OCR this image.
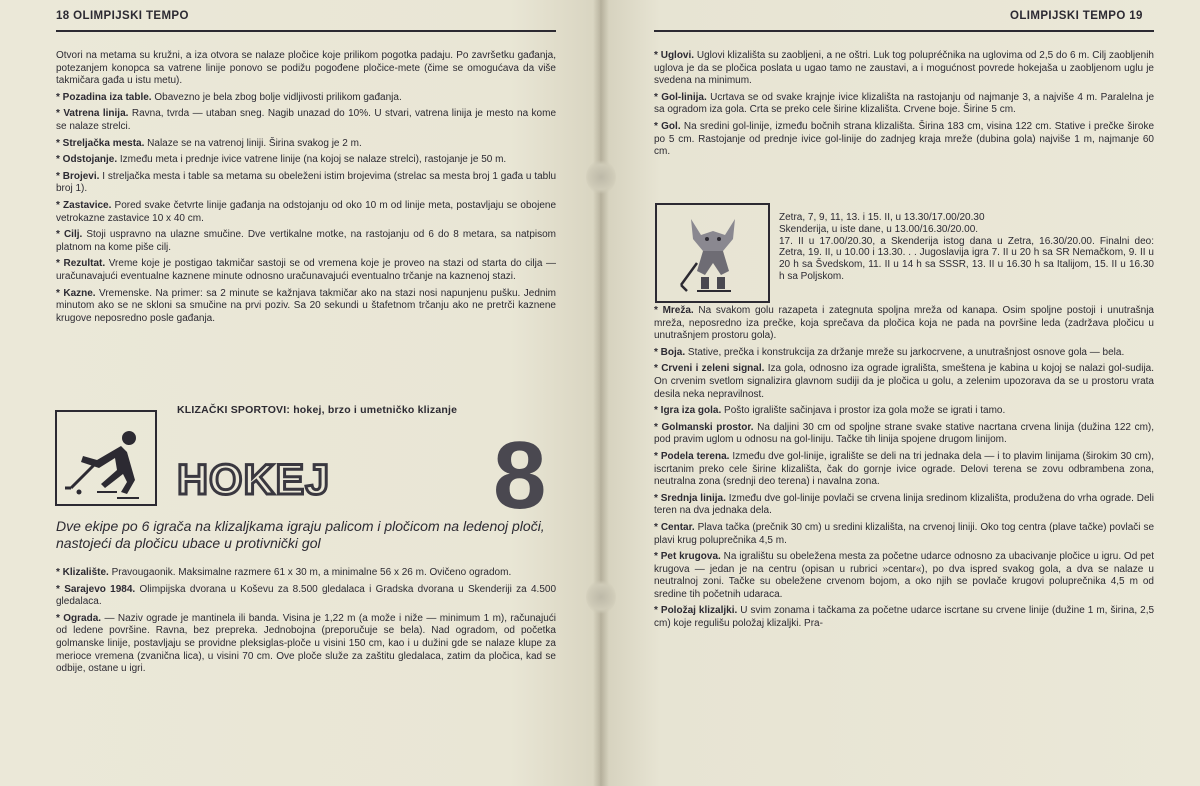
18 OLIMPIJSKI TEMPO

Otvori na metama su kružni, a iza otvora se nalaze pločice koje prilikom pogotka padaju. Po završetku gađanja, potezanjem konopca sa vatrene linije ponovo se podižu pogođene pločice-mete (čime se omogućava da više takmičara gađa u istu metu).

* Pozadina iza table. Obavezno je bela zbog bolje vidljivosti prilikom gađanja.

* Vatrena linija. Ravna, tvrda — utaban sneg. Nagib unazad do 10%. U stvari, vatrena linija je mesto na kome se nalaze strelci.

* Streljačka mesta. Nalaze se na vatrenoj liniji. Širina svakog je 2 m.

* Odstojanje. Između meta i prednje ivice vatrene linije (na kojoj se nalaze strelci), rastojanje je 50 m.

* Brojevi. I streljačka mesta i table sa metama su obeleženi istim brojevima (strelac sa mesta broj 1 gađa u tablu broj 1).

* Zastavice. Pored svake četvrte linije gađanja na odstojanju od oko 10 m od linije meta, postavljaju se obojene vetrokazne zastavice 10 x 40 cm.

* Cilj. Stoji uspravno na ulazne smučine. Dve vertikalne motke, na rastojanju od 6 do 8 metara, sa natpisom platnom na kome piše cilj.

* Rezultat. Vreme koje je postigao takmičar sastoji se od vremena koje je proveo na stazi od starta do cilja — uračunavajući eventualne kaznene minute odnosno uračunavajući eventualno trčanje na kaznenoj stazi.

* Kazne. Vremenske. Na primer: sa 2 minute se kažnjava takmičar ako na stazi nosi napunjenu pušku. Jednim minutom ako se ne skloni sa smučine na prvi poziv. Sa 20 sekundi u štafetnom trčanju ako ne pretrči kaznene krugove neposredno posle gađanja.

KLIZAČKI SPORTOVI: hokej, brzo i umetničko klizanje
HOKEJ 8
Dve ekipe po 6 igrača na klizaljkama igraju palicom i pločicom na ledenoj ploči, nastojeći da pločicu ubace u protivnički gol

* Klizalište. Pravougaonik. Maksimalne razmere 61 x 30 m, a minimalne 56 x 26 m. Ovičeno ogradom.

* Sarajevo 1984. Olimpijska dvorana u Koševu za 8.500 gledalaca i Gradska dvorana u Skenderiji za 4.500 gledalaca.

* Ograda. — Naziv ograde je mantinela ili banda. Visina je 1,22 m (a može i niže — minimum 1 m), računajući od ledene površine. Ravna, bez prepreka. Jednobojna (preporučuje se bela). Nad ogradom, od početka golmanske linije, postavljaju se providne pleksiglas-ploče u visini 150 cm, kao i u dužini gde se nalaze klupe za merioce vremena (zvanična lica), u visini 70 cm. Ove ploče služe za zaštitu gledalaca, zatim da pločica, kad se odbije, ostane u igri.

OLIMPIJSKI TEMPO 19

* Uglovi. Uglovi klizališta su zaobljeni, a ne oštri. Luk tog polupréčnika na uglovima od 2,5 do 6 m. Cilj zaobljenih uglova je da se pločica poslata u ugao tamo ne zaustavi, a i mogućnost povrede hokejaša u zaobljenom uglu je svedena na minimum.

* Gol-linija. Ucrtava se od svake krajnje ivice klizališta na rastojanju od najmanje 3, a najviše 4 m. Paralelna je sa ogradom iza gola. Crta se preko cele širine klizališta. Crvene boje. Širine 5 cm.

* Gol. Na sredini gol-linije, između bočnih strana klizališta. Širina 183 cm, visina 122 cm. Stative i prečke široke po 5 cm. Rastojanje od prednje ivice gol-linije do zadnjeg kraja mreže (dubina gola) najviše 1 m, najmanje 60 cm.

Zetra, 7, 9, 11, 13. i 15. II, u 13.30/17.00/20.30
Skenderija, u iste dane, u 13.00/16.30/20.00.
17. II u 17.00/20.30, a Skenderija istog dana u Zetra, 16.30/20.00. Finalni deo: Zetra, 19. II, u 10.00 i 13.30. . . Jugoslavija igra 7. II u 20 h sa SR Nemačkom, 9. II u 20 h sa Švedskom, 11. II u 14 h sa SSSR, 13. II u 16.30 h sa Italijom, 15. II u 16.30 h sa Poljskom.

* Mreža. Na svakom golu razapeta i zategnuta spoljna mreža od kanapa. Osim spoljne postoji i unutrašnja mreža, neposredno iza prečke, koja sprečava da pločica koja ne pada na površine leda (zadržava pločicu u unutrašnjem prostoru gola).

* Boja. Stative, prečka i konstrukcija za držanje mreže su jarkocrvene, a unutrašnjost osnove gola — bela.

* Crveni i zeleni signal. Iza gola, odnosno iza ograde igrališta, smeštena je kabina u kojoj se nalazi gol-sudija. On crvenim svetlom signalizira glavnom sudiji da je pločica u golu, a zelenim upozorava da se u prostoru vrata desila neka nepravilnost.

* Igra iza gola. Pošto igralište sačinjava i prostor iza gola može se igrati i tamo.

* Golmanski prostor. Na daljini 30 cm od spoljne strane svake stative nacrtana crvena linija (dužina 122 cm), pod pravim uglom u odnosu na gol-liniju. Tačke tih linija spojene drugom linijom.

* Podela terena. Između dve gol-linije, igralište se deli na tri jednaka dela — i to plavim linijama (širokim 30 cm), iscrtanim preko cele širine klizališta, čak do gornje ivice ograde. Delovi terena se zovu odbrambena zona, neutralna zona (srednji deo terena) i navalna zona.

* Srednja linija. Između dve gol-linije povlači se crvena linija sredinom klizališta, produžena do vrha ograde. Deli teren na dva jednaka dela.

* Centar. Plava tačka (prečnik 30 cm) u sredini klizališta, na crvenoj liniji. Oko tog centra (plave tačke) povlači se plavi krug poluprečnika 4,5 m.

* Pet krugova. Na igralištu su obeležena mesta za početne udarce odnosno za ubacivanje pločice u igru. Od pet krugova — jedan je na centru (opisan u rubrici »centar«), po dva ispred svakog gola, a dva se nalaze u neutralnoj zoni. Tačke su obeležene crvenom bojom, a oko njih se povlače krugovi poluprečnika 4,5 m od sredine tih početnih udaraca.

* Položaj klizaljki. U svim zonama i tačkama za početne udarce iscrtane su crvene linije (dužine 1 m, širina, 2,5 cm) koje regulišu položaj klizaljki. Pra-
